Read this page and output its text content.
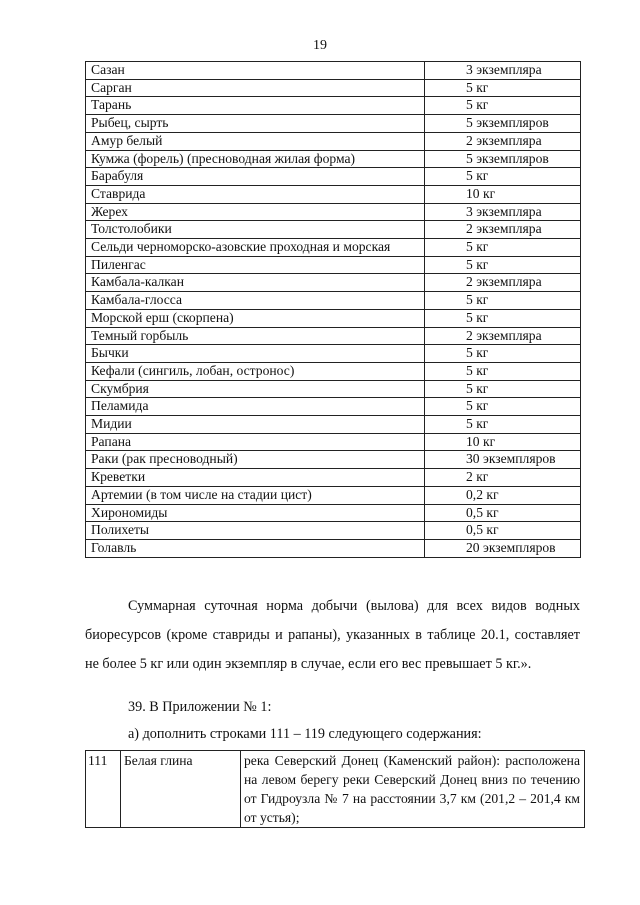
19
Сазан	3 экземпляра
Сарган	5 кг
Тарань	5 кг
Рыбец, сырть	5 экземпляров
Амур белый	2 экземпляра
Кумжа (форель) (пресноводная жилая форма)	5 экземпляров
Барабуля	5 кг
Ставрида	10 кг
Жерех	3 экземпляра
Толстолобики	2 экземпляра
Сельди черноморско-азовские проходная и морская	5 кг
Пиленгас	5 кг
Камбала-калкан	2 экземпляра
Камбала-глосса	5 кг
Морской ерш (скорпена)	5 кг
Темный горбыль	2 экземпляра
Бычки	5 кг
Кефали (сингиль, лобан, остронос)	5 кг
Скумбрия	5 кг
Пеламида	5 кг
Мидии	5 кг
Рапана	10 кг
Раки (рак пресноводный)	30 экземпляров
Креветки	2 кг
Артемии (в том числе на стадии цист)	0,2 кг
Хирономиды	0,5 кг
Полихеты	0,5 кг
Голавль	20 экземпляров
Суммарная суточная норма добычи (вылова) для всех видов водных биоресурсов (кроме ставриды и рапаны), указанных в таблице 20.1, составляет не более 5 кг или один экземпляр в случае, если его вес превышает 5 кг.».
39. В Приложении № 1:
а) дополнить строками 111 – 119 следующего содержания:
111	Белая глина	река Северский Донец (Каменский район): расположена на левом берегу реки Северский Донец вниз по течению от Гидроузла № 7 на расстоянии 3,7 км (201,2 – 201,4 км от устья);
